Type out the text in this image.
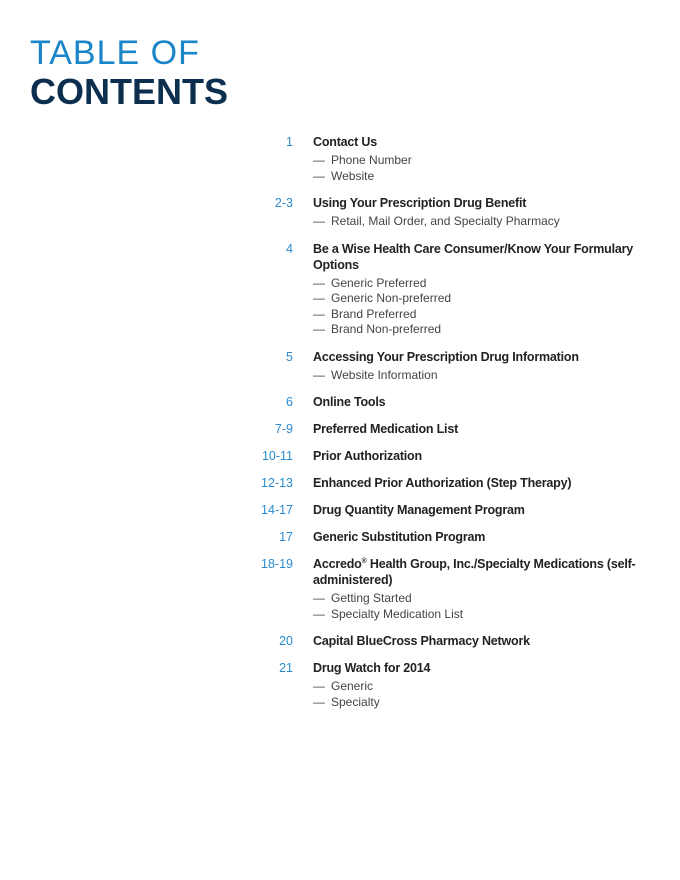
TABLE OF
CONTENTS
1 Contact Us
— Phone Number
— Website
2-3 Using Your Prescription Drug Benefit
— Retail, Mail Order, and Specialty Pharmacy
4 Be a Wise Health Care Consumer/Know Your Formulary Options
— Generic Preferred
— Generic Non-preferred
— Brand Preferred
— Brand Non-preferred
5 Accessing Your Prescription Drug Information
— Website Information
6 Online Tools
7-9 Preferred Medication List
10-11 Prior Authorization
12-13 Enhanced Prior Authorization (Step Therapy)
14-17 Drug Quantity Management Program
17 Generic Substitution Program
18-19 Accredo® Health Group, Inc./Specialty Medications (self-administered)
— Getting Started
— Specialty Medication List
20 Capital BlueCross Pharmacy Network
21 Drug Watch for 2014
— Generic
— Specialty
